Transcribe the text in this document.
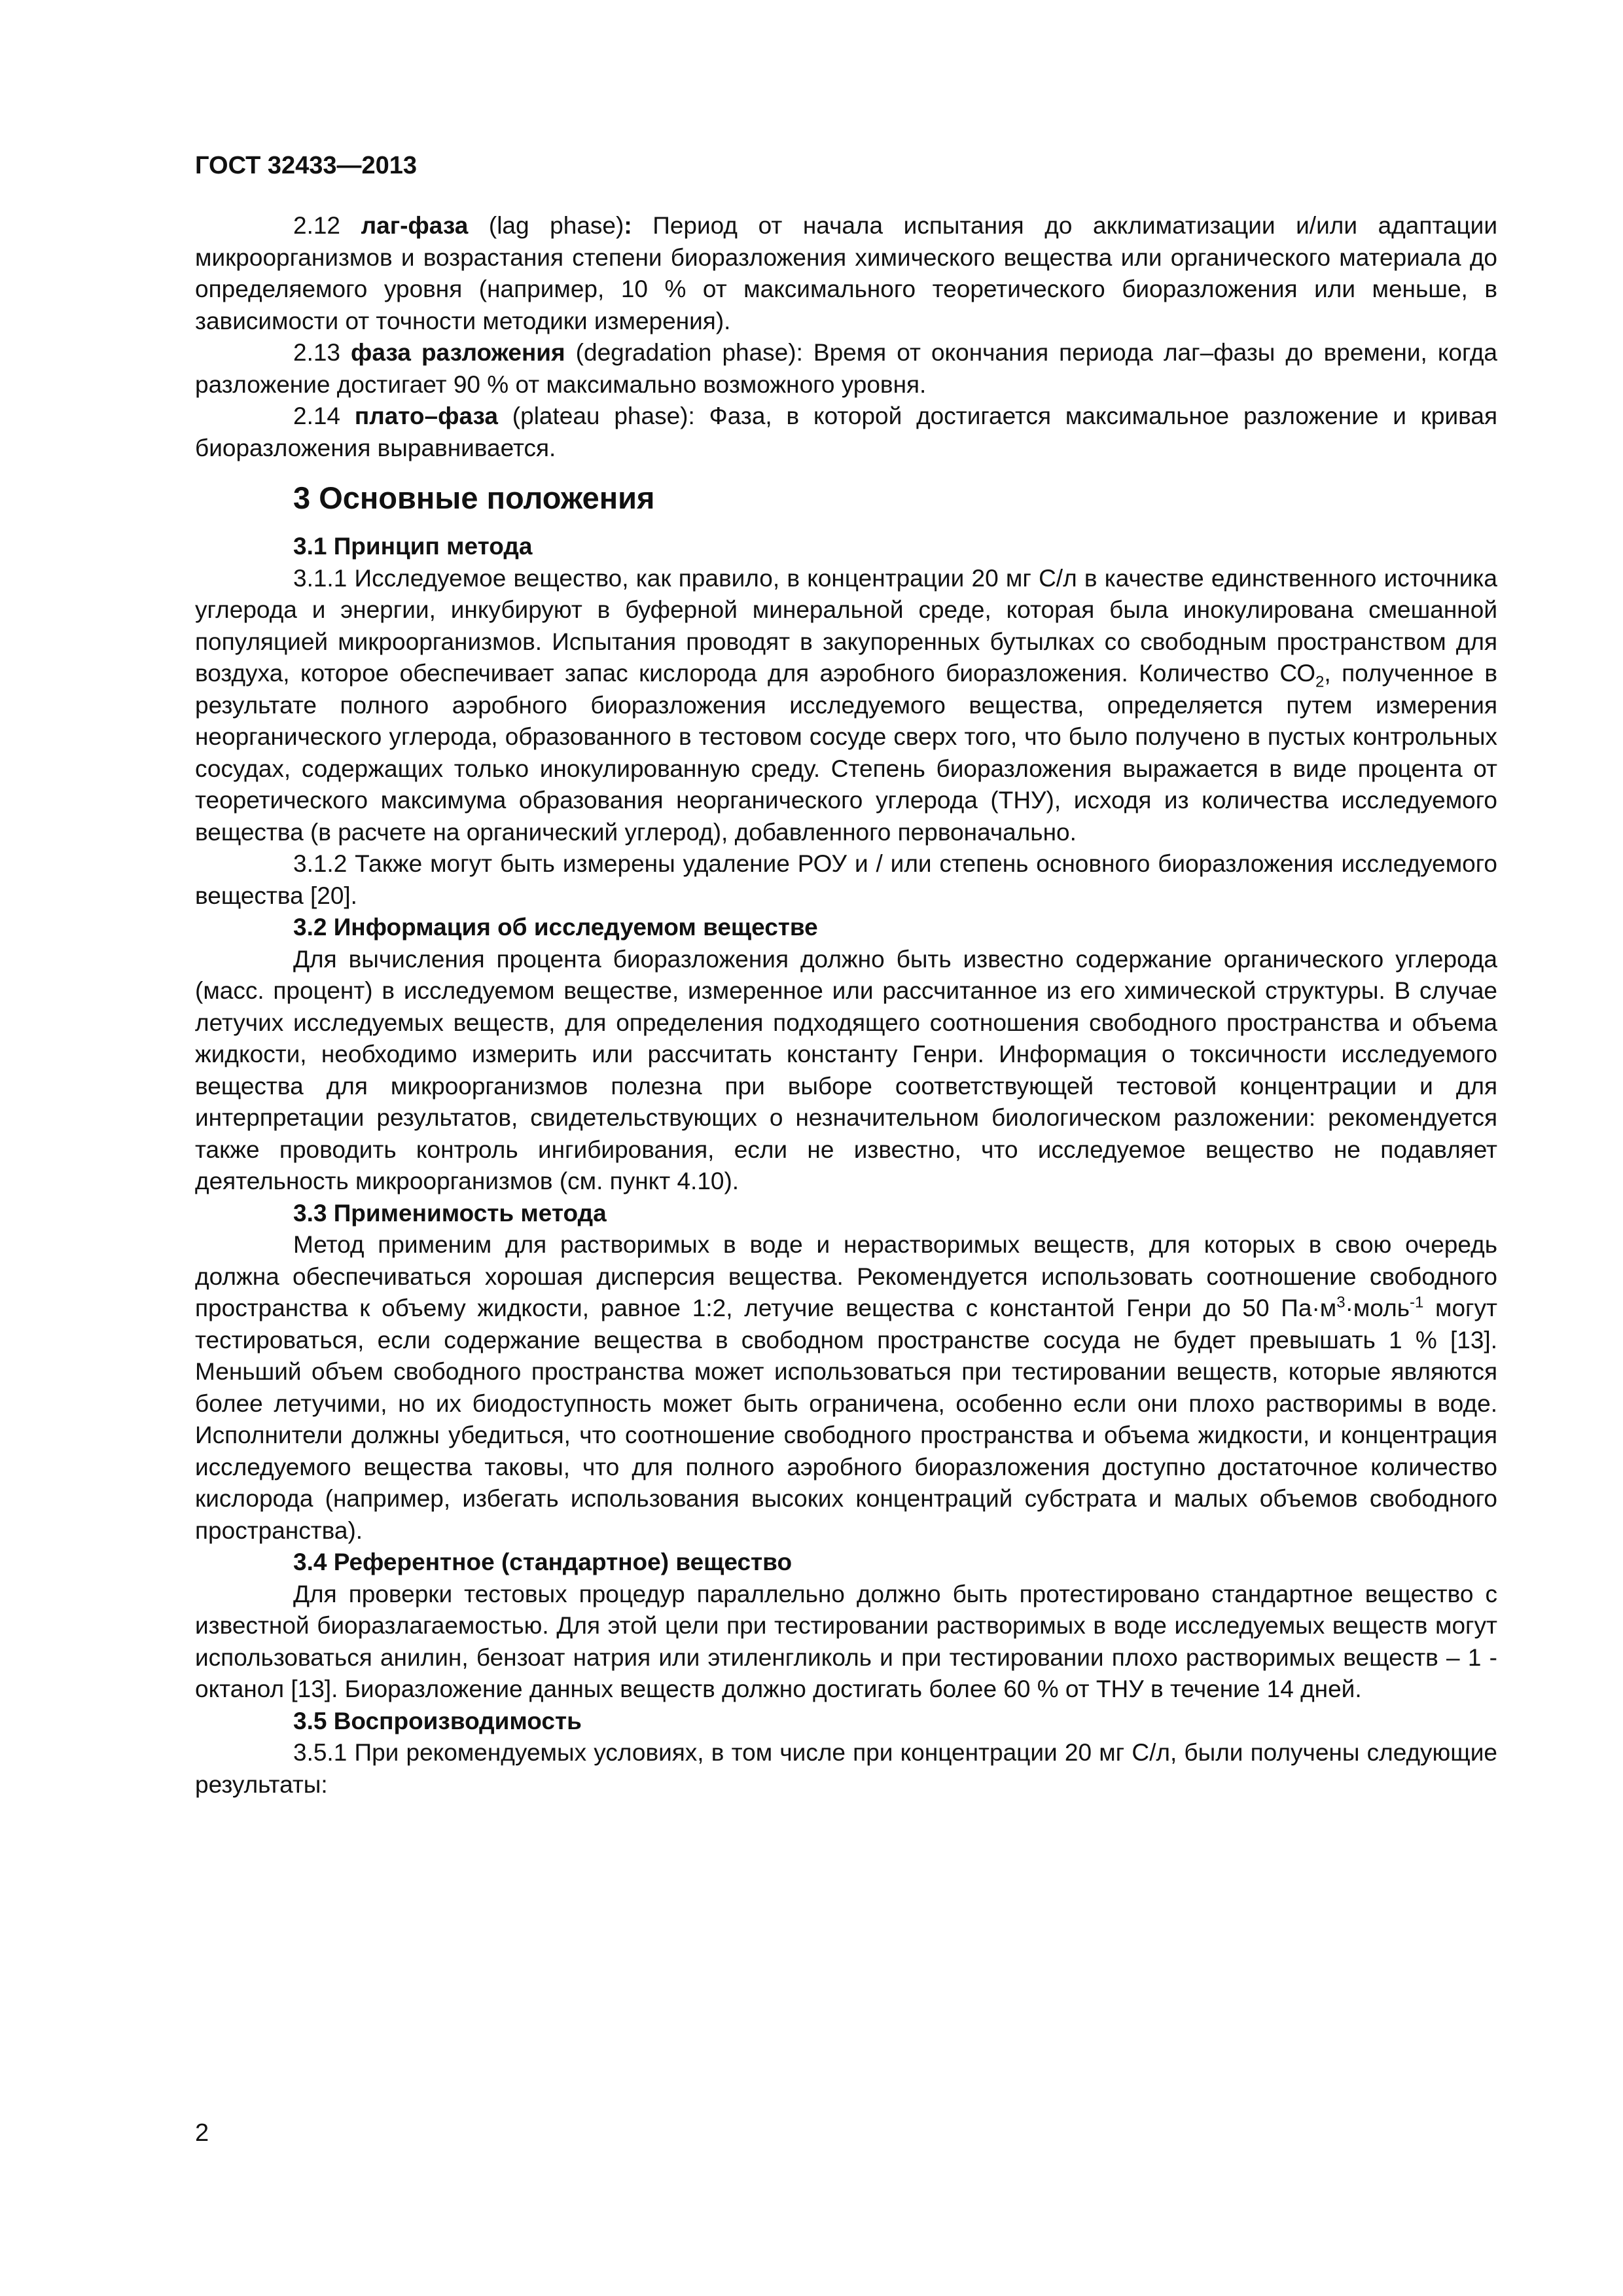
ГОСТ 32433—2013

2.12 лаг-фаза (lag phase): Период от начала испытания до акклиматизации и/или адаптации микроорганизмов и возрастания степени биоразложения химического вещества или органического материала до определяемого уровня (например, 10 % от максимального теоретического биоразложения или меньше, в зависимости от точности методики измерения).

2.13 фаза разложения (degradation phase): Время от окончания периода лаг–фазы до времени, когда разложение достигает 90 % от максимально возможного уровня.

2.14 плато–фаза (plateau phase): Фаза, в которой достигается максимальное разложение и кривая биоразложения выравнивается.

3 Основные положения
3.1 Принцип метода

3.1.1 Исследуемое вещество, как правило, в концентрации 20 мг С/л в качестве единственного источника углерода и энергии, инкубируют в буферной минеральной среде, которая была инокулирована смешанной популяцией микроорганизмов. Испытания проводят в закупоренных бутылках со свободным пространством для воздуха, которое обеспечивает запас кислорода для аэробного биоразложения. Количество $СО_2$, полученное в результате полного аэробного биоразложения исследуемого вещества, определяется путем измерения неорганического углерода, образованного в тестовом сосуде сверх того, что было получено в пустых контрольных сосудах, содержащих только инокулированную среду. Степень биоразложения выражается в виде процента от теоретического максимума образования неорганического углерода (ТНУ), исходя из количества исследуемого вещества (в расчете на органический углерод), добавленного первоначально.

3.1.2 Также могут быть измерены удаление РОУ и / или степень основного биоразложения исследуемого вещества [20].

3.2 Информация об исследуемом веществе

Для вычисления процента биоразложения должно быть известно содержание органического углерода (масс. процент) в исследуемом веществе, измеренное или рассчитанное из его химической структуры. В случае летучих исследуемых веществ, для определения подходящего соотношения свободного пространства и объема жидкости, необходимо измерить или рассчитать константу Генри. Информация о токсичности исследуемого вещества для микроорганизмов полезна при выборе соответствующей тестовой концентрации и для интерпретации результатов, свидетельствующих о незначительном биологическом разложении: рекомендуется также проводить контроль ингибирования, если не известно, что исследуемое вещество не подавляет деятельность микроорганизмов (см. пункт 4.10).

3.3 Применимость метода

Метод применим для растворимых в воде и нерастворимых веществ, для которых в свою очередь должна обеспечиваться хорошая дисперсия вещества. Рекомендуется использовать соотношение свободного пространства к объему жидкости, равное 1:2, летучие вещества с константой Генри до 50 $Па\cdot м^3\cdot моль^{-1}$ могут тестироваться, если содержание вещества в свободном пространстве сосуда не будет превышать 1 % [13]. Меньший объем свободного пространства может использоваться при тестировании веществ, которые являются более летучими, но их биодоступность может быть ограничена, особенно если они плохо растворимы в воде. Исполнители должны убедиться, что соотношение свободного пространства и объема жидкости, и концентрация исследуемого вещества таковы, что для полного аэробного биоразложения доступно достаточное количество кислорода (например, избегать использования высоких концентраций субстрата и малых объемов свободного пространства).

3.4 Референтное (стандартное) вещество

Для проверки тестовых процедур параллельно должно быть протестировано стандартное вещество с известной биоразлагаемостью. Для этой цели при тестировании растворимых в воде исследуемых веществ могут использоваться анилин, бензоат натрия или этиленгликоль и при тестировании плохо растворимых веществ – 1 - октанол [13]. Биоразложение данных веществ должно достигать более 60 % от ТНУ в течение 14 дней.

3.5 Воспроизводимость

3.5.1 При рекомендуемых условиях, в том числе при концентрации 20 мг С/л, были получены следующие результаты:

2
